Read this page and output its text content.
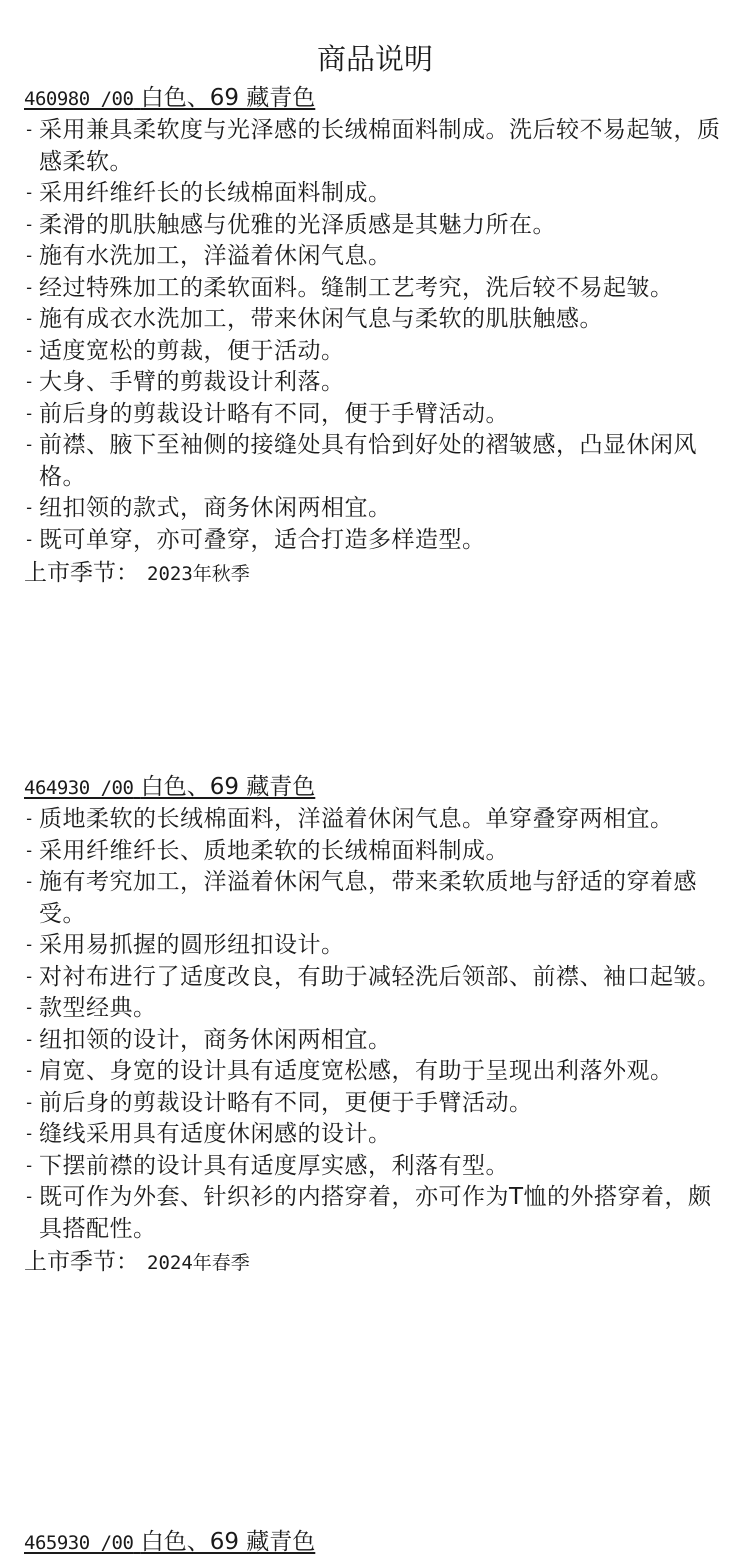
商品说明
460980 /00 白色、69 藏青色
- 采用兼具柔软度与光泽感的长绒棉面料制成。洗后较不易起皱，质感柔软。
- 采用纤维纤长的长绒棉面料制成。
- 柔滑的肌肤触感与优雅的光泽质感是其魅力所在。
- 施有水洗加工，洋溢着休闲气息。
- 经过特殊加工的柔软面料。缝制工艺考究，洗后较不易起皱。
- 施有成衣水洗加工，带来休闲气息与柔软的肌肤触感。
- 适度宽松的剪裁，便于活动。
- 大身、手臂的剪裁设计利落。
- 前后身的剪裁设计略有不同，便于手臂活动。
- 前襟、腋下至袖侧的接缝处具有恰到好处的褶皱感，凸显休闲风格。
- 纽扣领的款式，商务休闲两相宜。
- 既可单穿，亦可叠穿，适合打造多样造型。
上市季节： 2023年秋季
464930 /00 白色、69 藏青色
- 质地柔软的长绒棉面料，洋溢着休闲气息。单穿叠穿两相宜。
- 采用纤维纤长、质地柔软的长绒棉面料制成。
- 施有考究加工，洋溢着休闲气息，带来柔软质地与舒适的穿着感受。
- 采用易抓握的圆形纽扣设计。
- 对衬布进行了适度改良，有助于减轻洗后领部、前襟、袖口起皱。
- 款型经典。
- 纽扣领的设计，商务休闲两相宜。
- 肩宽、身宽的设计具有适度宽松感，有助于呈现出利落外观。
- 前后身的剪裁设计略有不同，更便于手臂活动。
- 缝线采用具有适度休闲感的设计。
- 下摆前襟的设计具有适度厚实感，利落有型。
- 既可作为外套、针织衫的内搭穿着，亦可作为T恤的外搭穿着，颇具搭配性。
上市季节： 2024年春季
465930 /00 白色、69 藏青色
